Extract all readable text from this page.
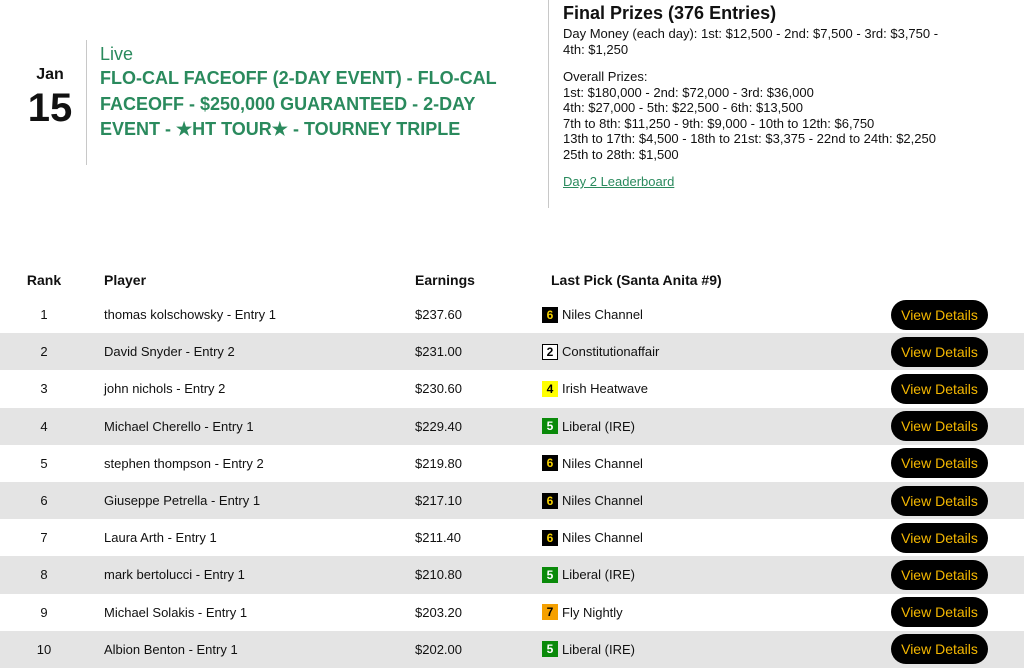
Jan
15
Live
FLO-CAL FACEOFF (2-DAY EVENT) - FLO-CAL FACEOFF - $250,000 GUARANTEED - 2-DAY EVENT - ★HT TOUR★ - TOURNEY TRIPLE
Final Prizes (376 Entries)
Day Money (each day): 1st: $12,500 - 2nd: $7,500 - 3rd: $3,750 -
4th: $1,250
Overall Prizes:
1st: $180,000 - 2nd: $72,000 - 3rd: $36,000
4th: $27,000 - 5th: $22,500 - 6th: $13,500
7th to 8th: $11,250 - 9th: $9,000 - 10th to 12th: $6,750
13th to 17th: $4,500 - 18th to 21st: $3,375 - 22nd to 24th: $2,250
25th to 28th: $1,500
Day 2 Leaderboard
Rank	Player	Earnings	Last Pick (Santa Anita #9)
1	thomas kolschowsky - Entry 1	$237.60	6 Niles Channel	View Details
2	David Snyder - Entry 2	$231.00	2 Constitutionaffair	View Details
3	john nichols - Entry 2	$230.60	4 Irish Heatwave	View Details
4	Michael Cherello - Entry 1	$229.40	5 Liberal (IRE)	View Details
5	stephen thompson - Entry 2	$219.80	6 Niles Channel	View Details
6	Giuseppe Petrella - Entry 1	$217.10	6 Niles Channel	View Details
7	Laura Arth - Entry 1	$211.40	6 Niles Channel	View Details
8	mark bertolucci - Entry 1	$210.80	5 Liberal (IRE)	View Details
9	Michael Solakis - Entry 1	$203.20	7 Fly Nightly	View Details
10	Albion Benton - Entry 1	$202.00	5 Liberal (IRE)	View Details
